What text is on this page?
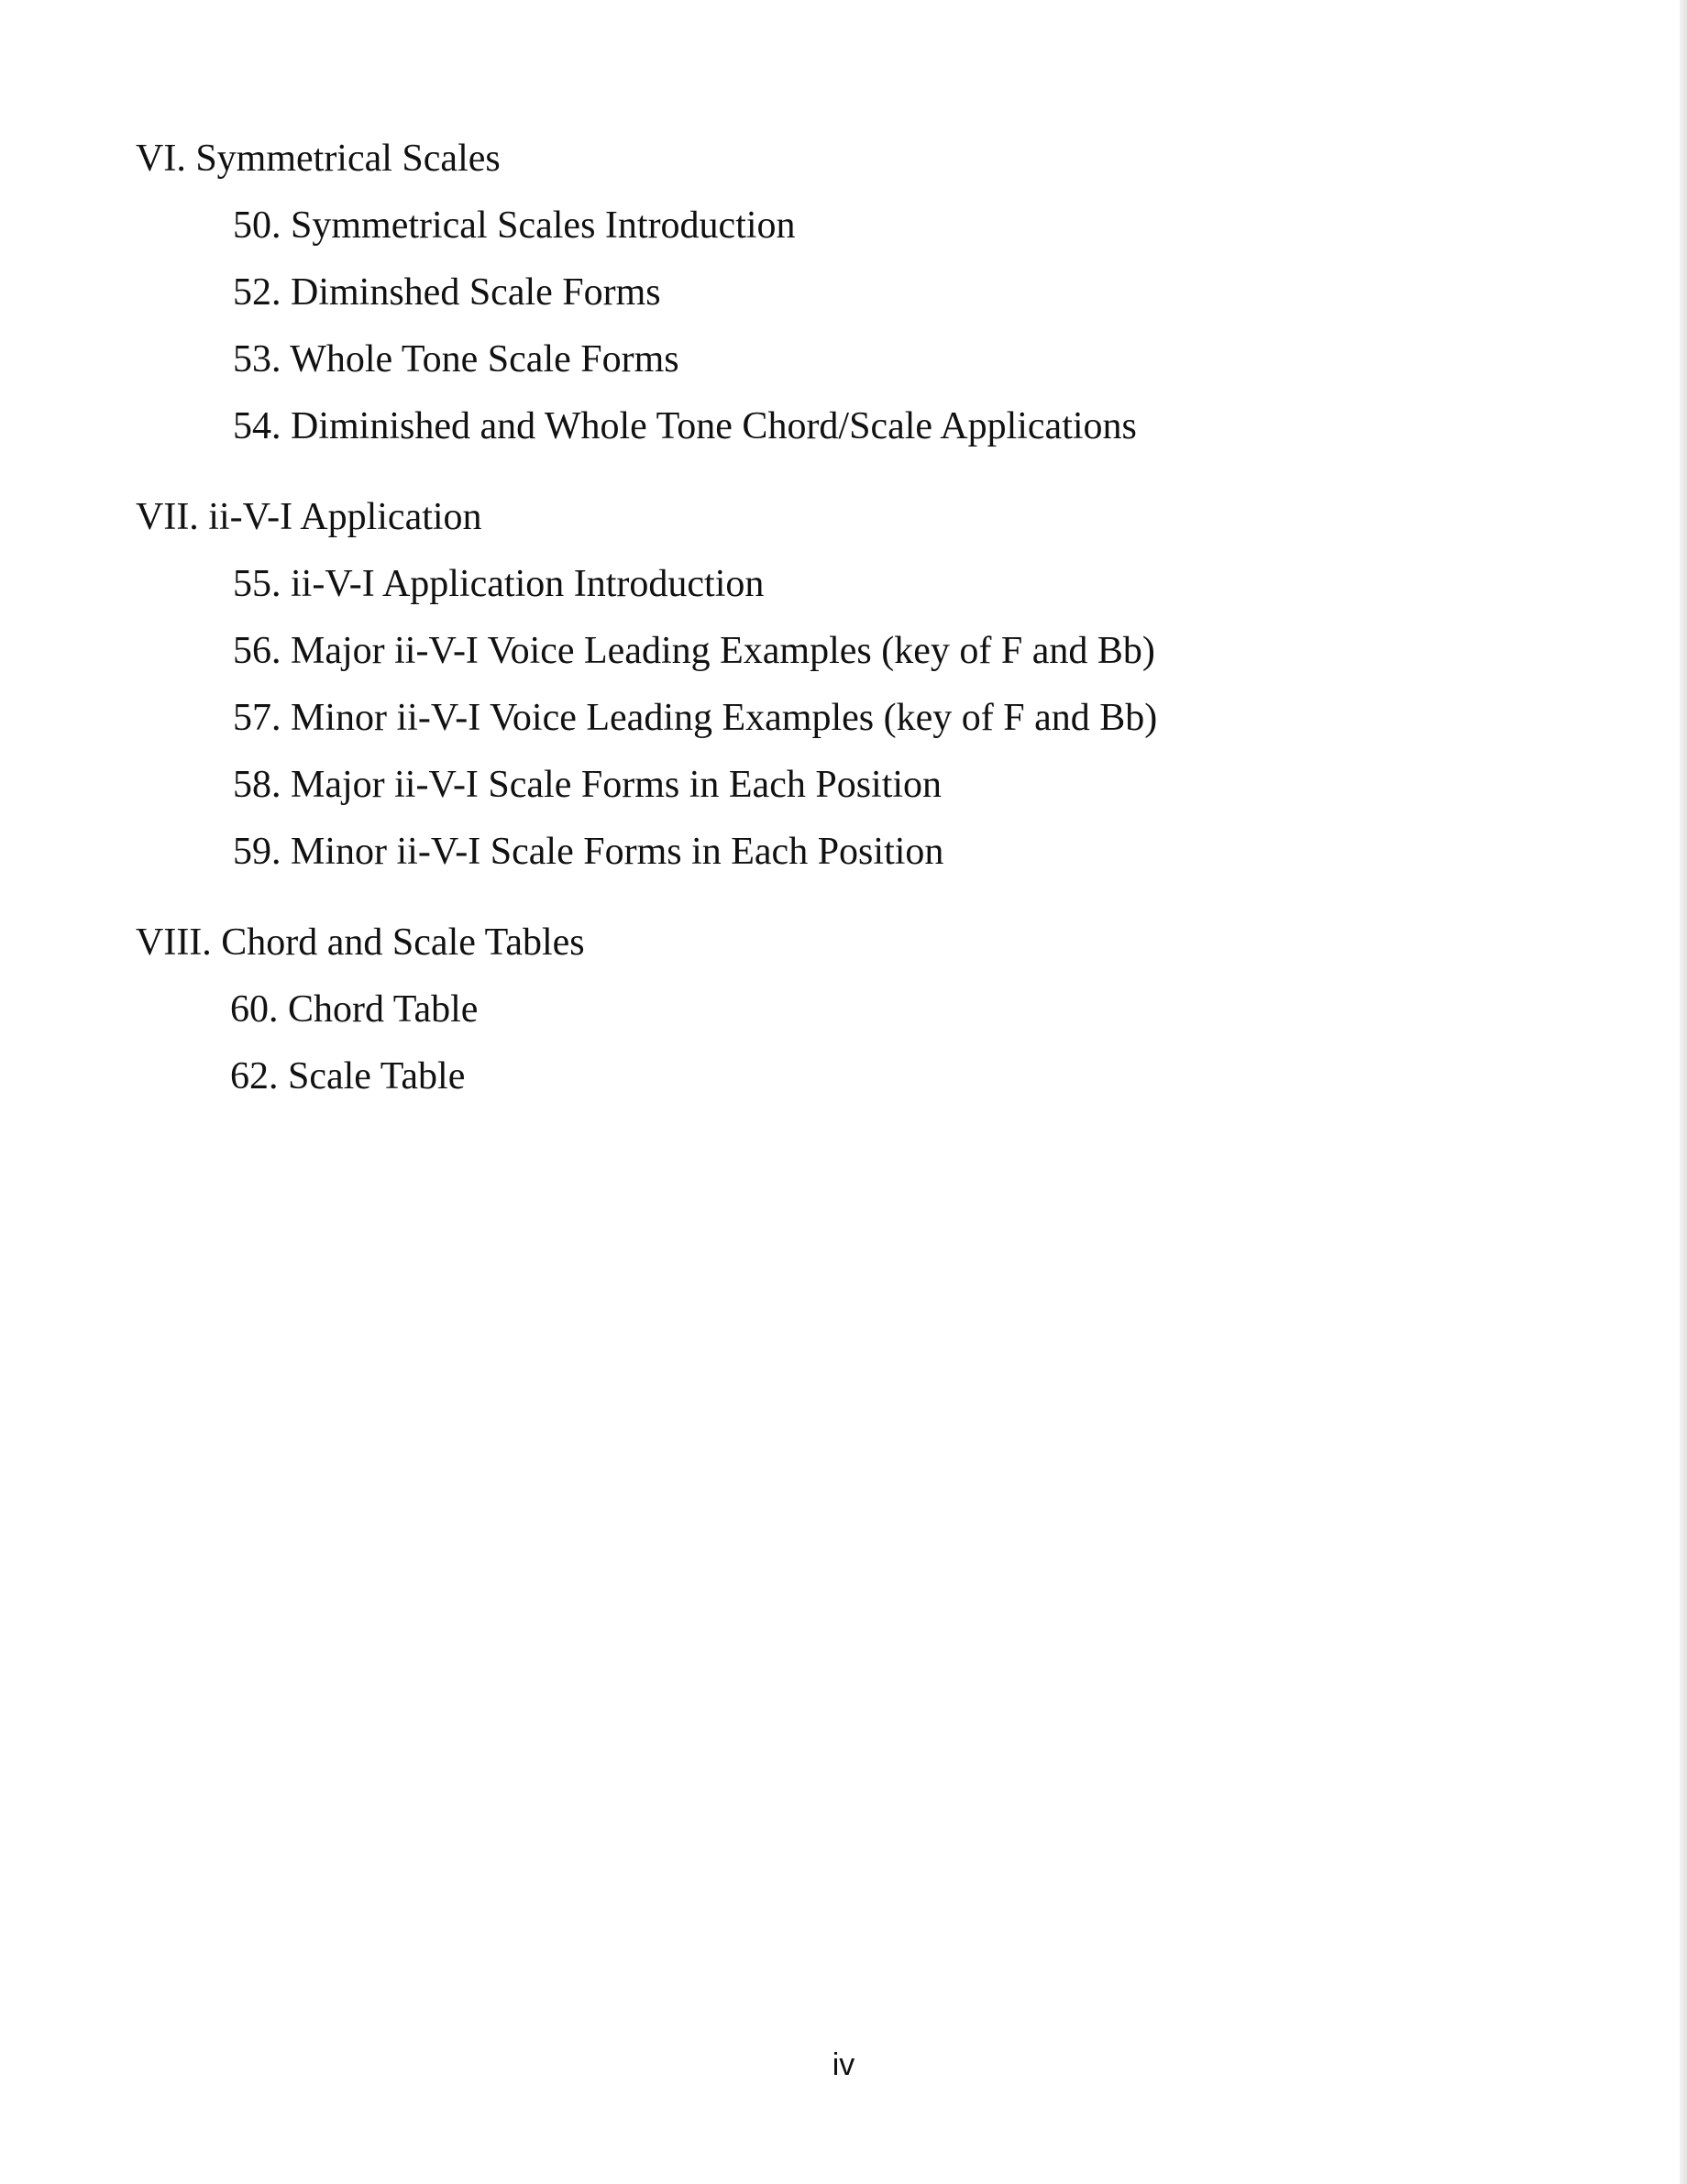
VI. Symmetrical Scales
50. Symmetrical Scales Introduction
52. Diminshed Scale Forms
53. Whole Tone Scale Forms
54. Diminished and Whole Tone Chord/Scale Applications
VII. ii-V-I Application
55. ii-V-I Application Introduction
56. Major ii-V-I Voice Leading Examples (key of F and Bb)
57. Minor ii-V-I Voice Leading Examples (key of F and Bb)
58. Major ii-V-I Scale Forms in Each Position
59. Minor ii-V-I Scale Forms in Each Position
VIII. Chord and Scale Tables
60. Chord Table
62. Scale Table
iv
